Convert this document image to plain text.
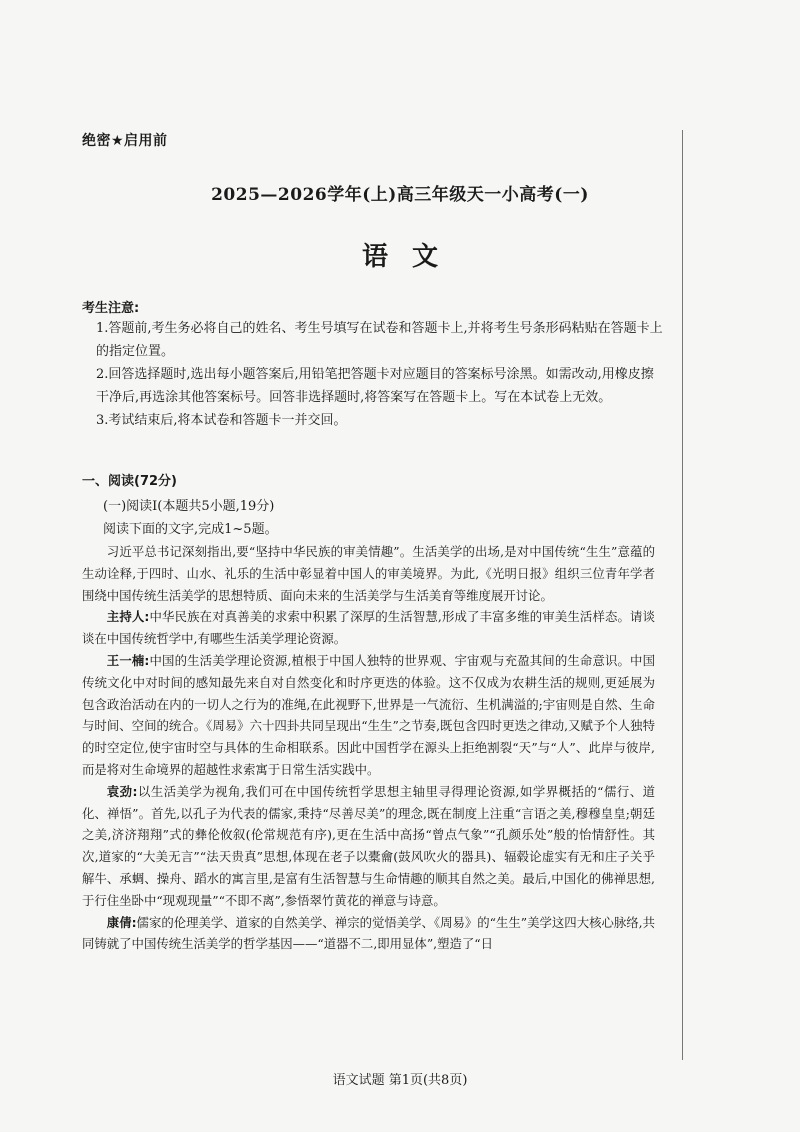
绝密★启用前
2025—2026学年(上)高三年级天一小高考(一)
语文
考生注意:
1.答题前,考生务必将自己的姓名、考生号填写在试卷和答题卡上,并将考生号条形码粘贴在答题卡上的指定位置。
2.回答选择题时,选出每小题答案后,用铅笔把答题卡对应题目的答案标号涂黑。如需改动,用橡皮擦干净后,再选涂其他答案标号。回答非选择题时,将答案写在答题卡上。写在本试卷上无效。
3.考试结束后,将本试卷和答题卡一并交回。
一、阅读(72分)
(一)阅读Ⅰ(本题共5小题,19分)
阅读下面的文字,完成1~5题。

习近平总书记深刻指出,要“坚持中华民族的审美情趣”。生活美学的出场,是对中国传统“生生”意蕴的生动诠释,于四时、山水、礼乐的生活中彰显着中国人的审美境界。为此,《光明日报》组织三位青年学者围绕中国传统生活美学的思想特质、面向未来的生活美学与生活美育等维度展开讨论。

主持人:中华民族在对真善美的求索中积累了深厚的生活智慧,形成了丰富多维的审美生活样态。请谈谈在中国传统哲学中,有哪些生活美学理论资源。

王一楠:中国的生活美学理论资源,植根于中国人独特的世界观、宇宙观与充盈其间的生命意识。中国传统文化中对时间的感知最先来自对自然变化和时序更迭的体验。这不仅成为农耕生活的规则,更延展为包含政治活动在内的一切人之行为的准绳,在此视野下,世界是一气流衍、生机满溢的;宇宙则是自然、生命与时间、空间的统合。《周易》六十四卦共同呈现出“生生”之节奏,既包含四时更迭之律动,又赋予个人独特的时空定位,使宇宙时空与具体的生命相联系。因此中国哲学在源头上拒绝割裂“天”与“人”、此岸与彼岸,而是将对生命境界的超越性求索寓于日常生活实践中。

袁劲:以生活美学为视角,我们可在中国传统哲学思想主轴里寻得理论资源,如学界概括的“儒行、道化、禅悟”。首先,以孔子为代表的儒家,秉持“尽善尽美”的理念,既在制度上注重“言语之美,穆穆皇皇;朝廷之美,济济翔翔”式的彝伦攸叙(伦常规范有序),更在生活中高扬“曾点气象”“孔颜乐处”般的怡情舒性。其次,道家的“大美无言”“法天贵真”思想,体现在老子以橐龠(鼓风吹火的器具)、辐毂论虚实有无和庄子关乎解牛、承蜩、操舟、蹈水的寓言里,是富有生活智慧与生命情趣的顺其自然之美。最后,中国化的佛禅思想,于行住坐卧中“现观现量”“不即不离”,参悟翠竹黄花的禅意与诗意。

康倩:儒家的伦理美学、道家的自然美学、禅宗的觉悟美学、《周易》的“生生”美学这四大核心脉络,共同铸就了中国传统生活美学的哲学基因——“道器不二,即用显体”,塑造了“日

语文试题 第1页(共8页)
